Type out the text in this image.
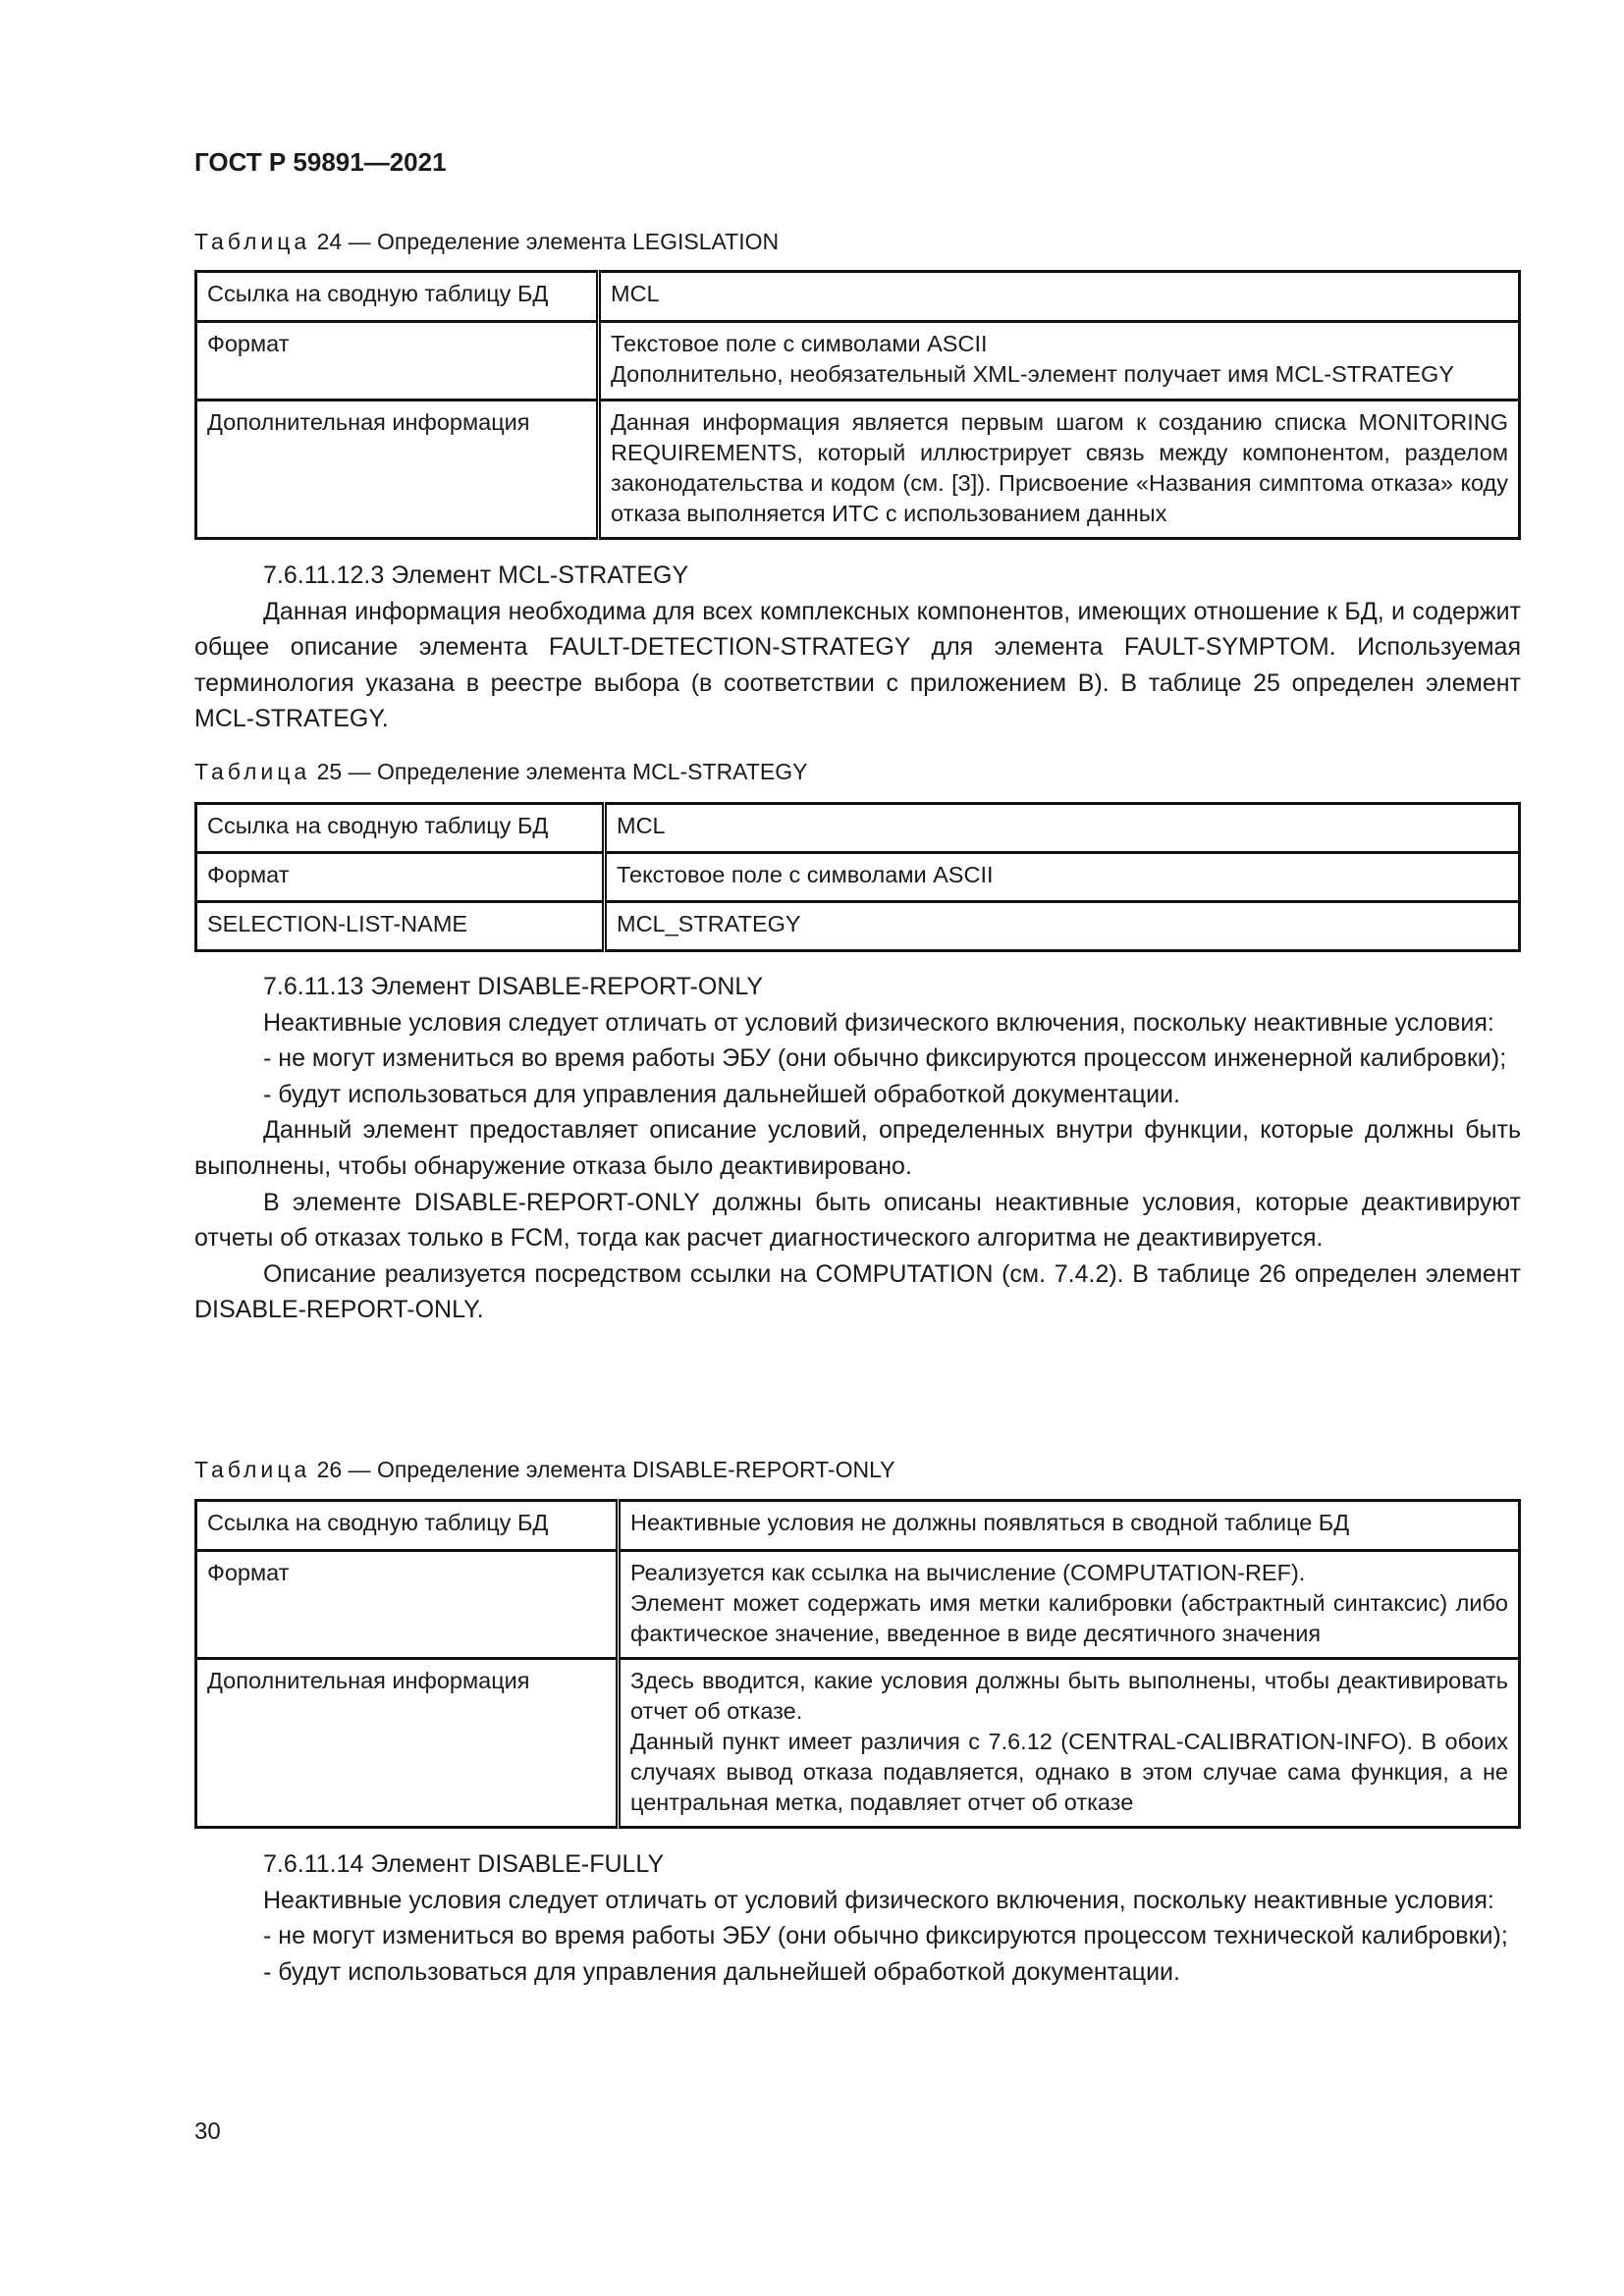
ГОСТ Р 59891—2021
Таблица 24 — Определение элемента LEGISLATION
Ссылка на сводную таблицу БД	MCL

Формат	Текстовое поле с символами ASCII
Дополнительно, необязательный XML-элемент получает имя MCL-STRATEGY

Дополнительная информация	Данная информация является первым шагом к созданию списка MONITORING REQUIREMENTS, который иллюстрирует связь между компонентом, разделом законодательства и кодом (см. [3]). Присвоение «Названия симптома отказа» коду отказа выполняется ИТС с использованием данных

7.6.11.12.3 Элемент MCL-STRATEGY

Данная информация необходима для всех комплексных компонентов, имеющих отношение к БД, и содержит общее описание элемента FAULT-DETECTION-STRATEGY для элемента FAULT-SYMPTOM. Используемая терминология указана в реестре выбора (в соответствии с приложением В). В таблице 25 определен элемент MCL-STRATEGY.

Таблица 25 — Определение элемента MCL-STRATEGY
Ссылка на сводную таблицу БД	MCL

Формат	Текстовое поле с символами ASCII

SELECTION-LIST-NAME	MCL_STRATEGY

7.6.11.13 Элемент DISABLE-REPORT-ONLY

Неактивные условия следует отличать от условий физического включения, поскольку неактивные условия:

- не могут измениться во время работы ЭБУ (они обычно фиксируются процессом инженерной калибровки);

- будут использоваться для управления дальнейшей обработкой документации.

Данный элемент предоставляет описание условий, определенных внутри функции, которые должны быть выполнены, чтобы обнаружение отказа было деактивировано.

В элементе DISABLE-REPORT-ONLY должны быть описаны неактивные условия, которые деактивируют отчеты об отказах только в FCM, тогда как расчет диагностического алгоритма не деактивируется.

Описание реализуется посредством ссылки на COMPUTATION (см. 7.4.2). В таблице 26 определен элемент DISABLE-REPORT-ONLY.

Таблица 26 — Определение элемента DISABLE-REPORT-ONLY
Ссылка на сводную таблицу БД	Неактивные условия не должны появляться в сводной таблице БД

Формат	Реализуется как ссылка на вычисление (COMPUTATION-REF).
Элемент может содержать имя метки калибровки (абстрактный синтаксис) либо фактическое значение, введенное в виде десятичного значения

Дополнительная информация	Здесь вводится, какие условия должны быть выполнены, чтобы деактивировать отчет об отказе.
Данный пункт имеет различия с 7.6.12 (CENTRAL-CALIBRATION-INFO). В обоих случаях вывод отказа подавляется, однако в этом случае сама функция, а не центральная метка, подавляет отчет об отказе

7.6.11.14 Элемент DISABLE-FULLY

Неактивные условия следует отличать от условий физического включения, поскольку неактивные условия:

- не могут измениться во время работы ЭБУ (они обычно фиксируются процессом технической калибровки);

- будут использоваться для управления дальнейшей обработкой документации.

30
